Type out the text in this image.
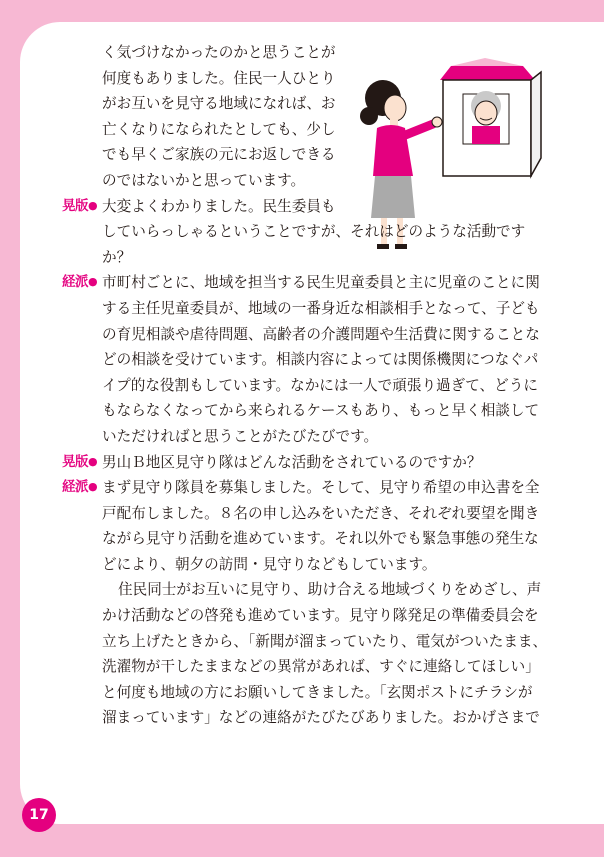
く気づけなかったのかと思うことが
何度もありました。住民一人ひとり
がお互いを見守る地域になれば、お
亡くなりになられたとしても、少し
でも早くご家族の元にお返しできる
のではないかと思っています。
晃版● 大変よくわかりました。民生委員も
していらっしゃるということですが、それはどのような活動です
か？
経派● 市町村ごとに、地域を担当する民生児童委員と主に児童のことに関
する主任児童委員が、地域の一番身近な相談相手となって、子ども
の育児相談や虐待問題、高齢者の介護問題や生活費に関することな
どの相談を受けています。相談内容によっては関係機関につなぐパ
イプ的な役割もしています。なかには一人で頑張り過ぎて、どうに
もならなくなってから来られるケースもあり、もっと早く相談して
いただければと思うことがたびたびです。
晃版● 男山Ｂ地区見守り隊はどんな活動をされているのですか？
経派● まず見守り隊員を募集しました。そして、見守り希望の申込書を全
戸配布しました。８名の申し込みをいただき、それぞれ要望を聞き
ながら見守り活動を進めています。それ以外でも緊急事態の発生な
どにより、朝夕の訪問・見守りなどもしています。
住民同士がお互いに見守り、助け合える地域づくりをめざし、声
かけ活動などの啓発も進めています。見守り隊発足の準備委員会を
立ち上げたときから、「新聞が溜まっていたり、電気がついたまま、
洗濯物が干したままなどの異常があれば、すぐに連絡してほしい」
と何度も地域の方にお願いしてきました。「玄関ポストにチラシが
溜まっています」などの連絡がたびたびありました。おかげさまで
17
